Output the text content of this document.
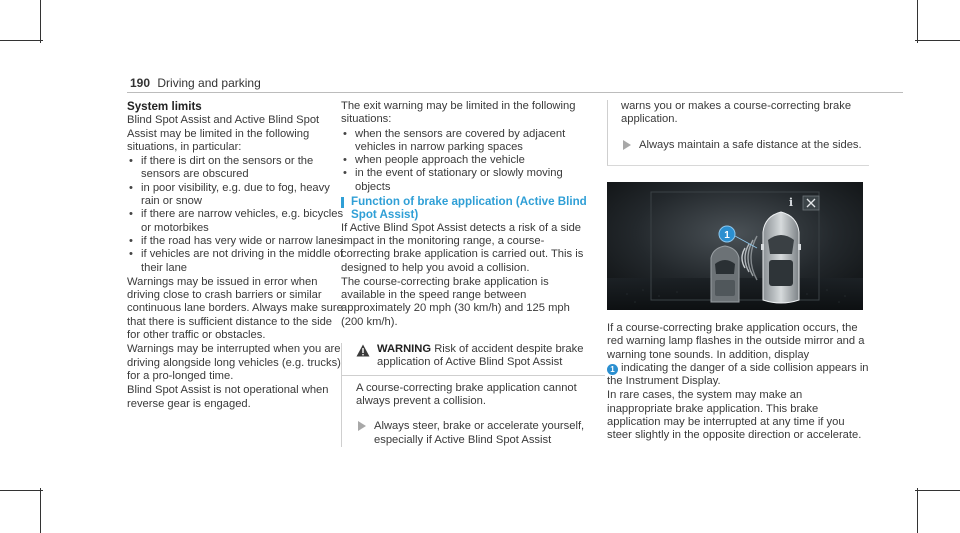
190 Driving and parking
System limits

Blind Spot Assist and Active Blind Spot Assist may be limited in the following situations, in particular:

• if there is dirt on the sensors or the sensors are obscured
• in poor visibility, e.g. due to fog, heavy rain or snow
• if there are narrow vehicles, e.g. bicycles or motorbikes
• if the road has very wide or narrow lanes
• if vehicles are not driving in the middle of their lane

Warnings may be issued in error when driving close to crash barriers or similar continuous lane borders. Always make sure that there is sufficient distance to the side for other traffic or obstacles.

Warnings may be interrupted when you are driving alongside long vehicles (e.g. trucks) for a pro-longed time.

Blind Spot Assist is not operational when reverse gear is engaged.

The exit warning may be limited in the following situations:

• when the sensors are covered by adjacent vehicles in narrow parking spaces
• when people approach the vehicle
• in the event of stationary or slowly moving objects
Function of brake application (Active Blind Spot Assist)

If Active Blind Spot Assist detects a risk of a side impact in the monitoring range, a course-correcting brake application is carried out. This is designed to help you avoid a collision.

The course-correcting brake application is available in the speed range between approximately 20 mph (30 km/h) and 125 mph (200 km/h).

WARNING Risk of accident despite brake application of Active Blind Spot Assist

A course-correcting brake application cannot always prevent a collision.

Always steer, brake or accelerate yourself, especially if Active Blind Spot Assist

warns you or makes a course-correcting brake application.

Always maintain a safe distance at the sides.
1
i

If a course-correcting brake application occurs, the red warning lamp flashes in the outside mirror and a warning tone sounds. In addition, display
1 indicating the danger of a side collision appears in the Instrument Display.

In rare cases, the system may make an inappropriate brake application. This brake application may be interrupted at any time if you steer slightly in the opposite direction or accelerate.
